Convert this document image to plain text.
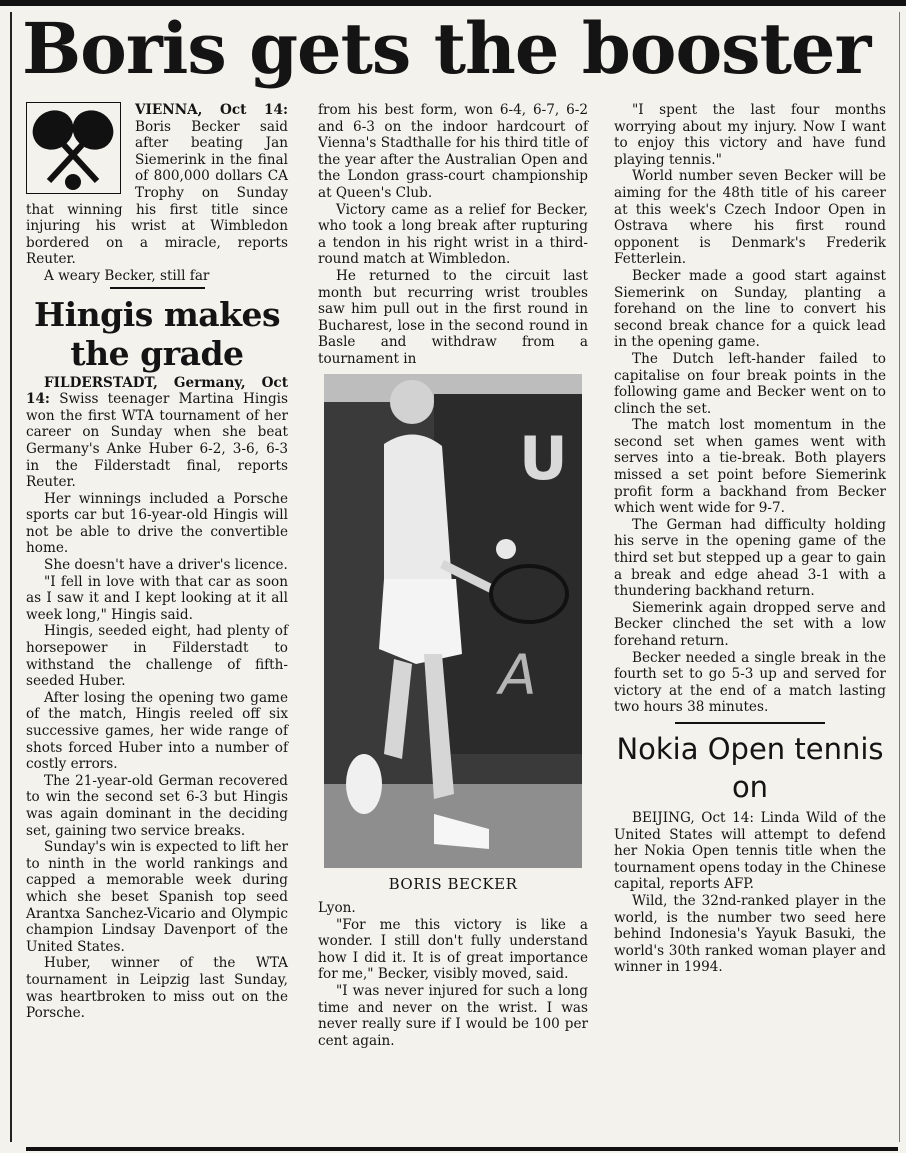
Boris gets the booster

VIENNA, Oct 14: Boris Becker said after beating Jan Siemerink in the final of 800,000 dollars CA Trophy on Sunday that winning his first title since injuring his wrist at Wimbledon bordered on a miracle, reports Reuter.

A weary Becker, still far

Hingis makes the grade

FILDERSTADT, Germany, Oct 14: Swiss teenager Martina Hingis won the first WTA tournament of her career on Sunday when she beat Germany's Anke Huber 6-2, 3-6, 6-3 in the Filderstadt final, reports Reuter.

Her winnings included a Porsche sports car but 16-year-old Hingis will not be able to drive the convertible home.

She doesn't have a driver's licence.

"I fell in love with that car as soon as I saw it and I kept looking at it all week long," Hingis said.

Hingis, seeded eight, had plenty of horsepower in Filderstadt to withstand the challenge of fifth-seeded Huber.

After losing the opening two game of the match, Hingis reeled off six successive games, her wide range of shots forced Huber into a number of costly errors.

The 21-year-old German recovered to win the second set 6-3 but Hingis was again dominant in the deciding set, gaining two service breaks.

Sunday's win is expected to lift her to ninth in the world rankings and capped a memorable week during which she beset Spanish top seed Arantxa Sanchez-Vicario and Olympic champion Lindsay Davenport of the United States.

Huber, winner of the WTA tournament in Leipzig last Sunday, was heartbroken to miss out on the Porsche.

from his best form, won 6-4, 6-7, 6-2 and 6-3 on the indoor hardcourt of Vienna's Stadthalle for his third title of the year after the Australian Open and the London grass-court championship at Queen's Club.

Victory came as a relief for Becker, who took a long break after rupturing a tendon in his right wrist in a third-round match at Wimbledon.

He returned to the circuit last month but recurring wrist troubles saw him pull out in the first round in Bucharest, lose in the second round in Basle and withdraw from a tournament in

U
A
BORIS BECKER

Lyon.

"For me this victory is like a wonder. I still don't fully understand how I did it. It is of great importance for me," Becker, visibly moved, said.

"I was never injured for such a long time and never on the wrist. I was never really sure if I would be 100 per cent again.

"I spent the last four months worrying about my injury. Now I want to enjoy this victory and have fund playing tennis."

World number seven Becker will be aiming for the 48th title of his career at this week's Czech Indoor Open in Ostrava where his first round opponent is Denmark's Frederik Fetterlein.

Becker made a good start against Siemerink on Sunday, planting a forehand on the line to convert his second break chance for a quick lead in the opening game.

The Dutch left-hander failed to capitalise on four break points in the following game and Becker went on to clinch the set.

The match lost momentum in the second set when games went with serves into a tie-break. Both players missed a set point before Siemerink profit form a backhand from Becker which went wide for 9-7.

The German had difficulty holding his serve in the opening game of the third set but stepped up a gear to gain a break and edge ahead 3-1 with a thundering backhand return.

Siemerink again dropped serve and Becker clinched the set with a low forehand return.

Becker needed a single break in the fourth set to go 5-3 up and served for victory at the end of a match lasting two hours 38 minutes.

Nokia Open tennis on

BEIJING, Oct 14: Linda Wild of the United States will attempt to defend her Nokia Open tennis title when the tournament opens today in the Chinese capital, reports AFP.

Wild, the 32nd-ranked player in the world, is the number two seed here behind Indonesia's Yayuk Basuki, the world's 30th ranked woman player and winner in 1994.
